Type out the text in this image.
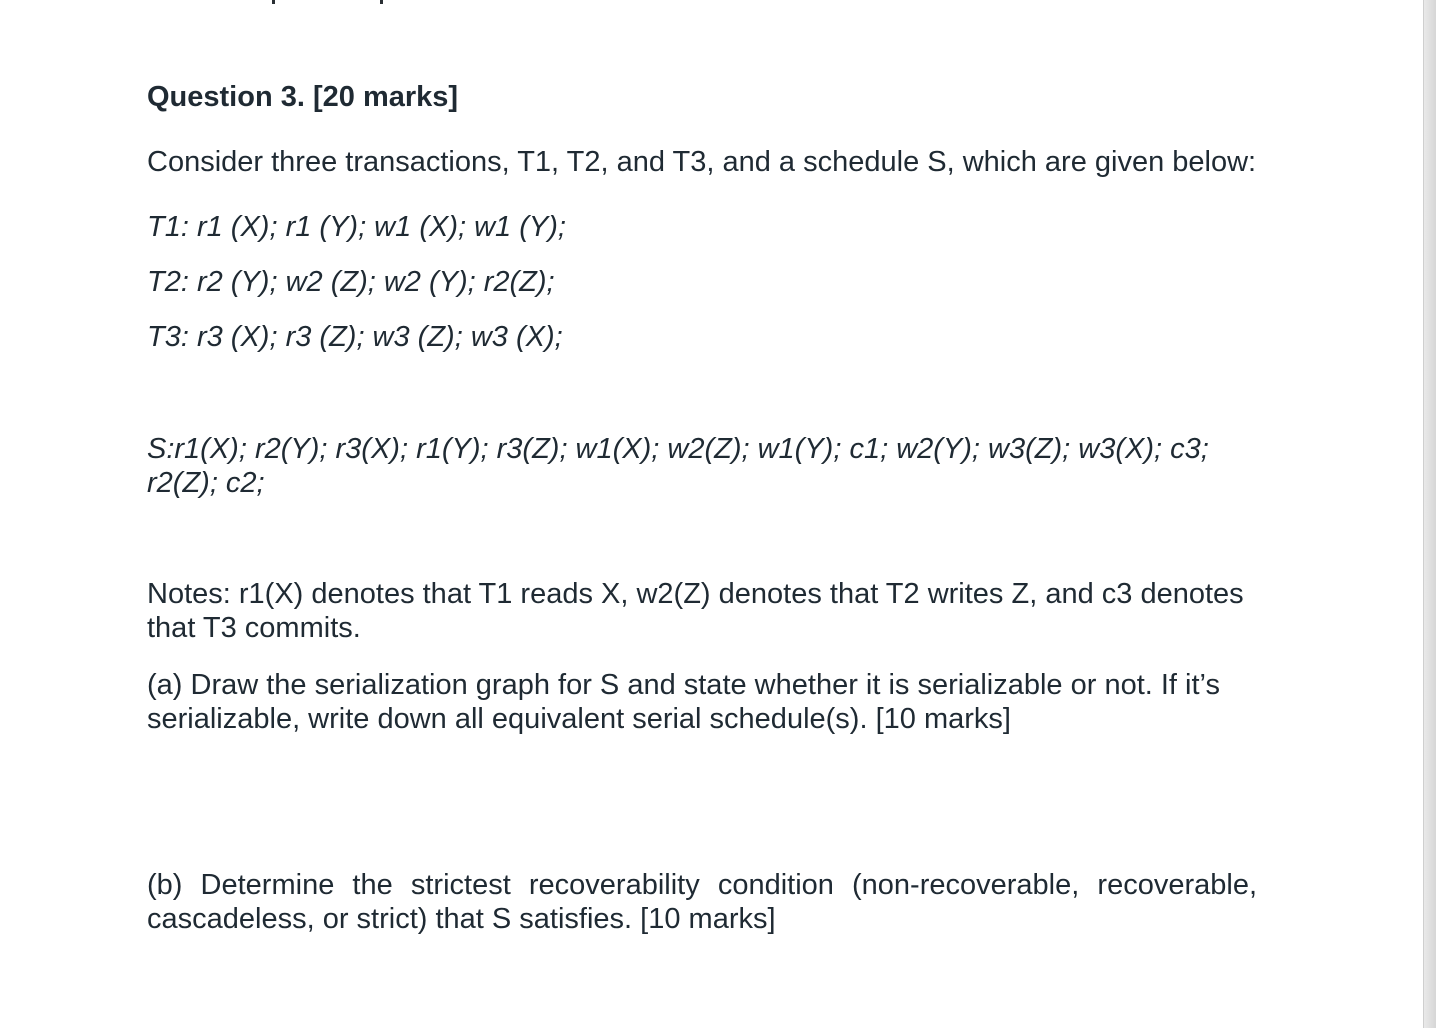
Question 3. [20 marks]

Consider three transactions, T1, T2, and T3, and a schedule S, which are given below:

T1: r1 (X); r1 (Y); w1 (X); w1 (Y);

T2: r2 (Y); w2 (Z); w2 (Y); r2(Z);

T3: r3 (X); r3 (Z); w3 (Z); w3 (X);

S:r1(X); r2(Y); r3(X); r1(Y); r3(Z); w1(X); w2(Z); w1(Y); c1; w2(Y); w3(Z); w3(X); c3; r2(Z); c2;

Notes: r1(X) denotes that T1 reads X, w2(Z) denotes that T2 writes Z, and c3 denotes that T3 commits.

(a) Draw the serialization graph for S and state whether it is serializable or not. If it’s serializable, write down all equivalent serial schedule(s). [10 marks]

(b) Determine the strictest recoverability condition (non-recoverable, recoverable, cascadeless, or strict) that S satisfies. [10 marks]
